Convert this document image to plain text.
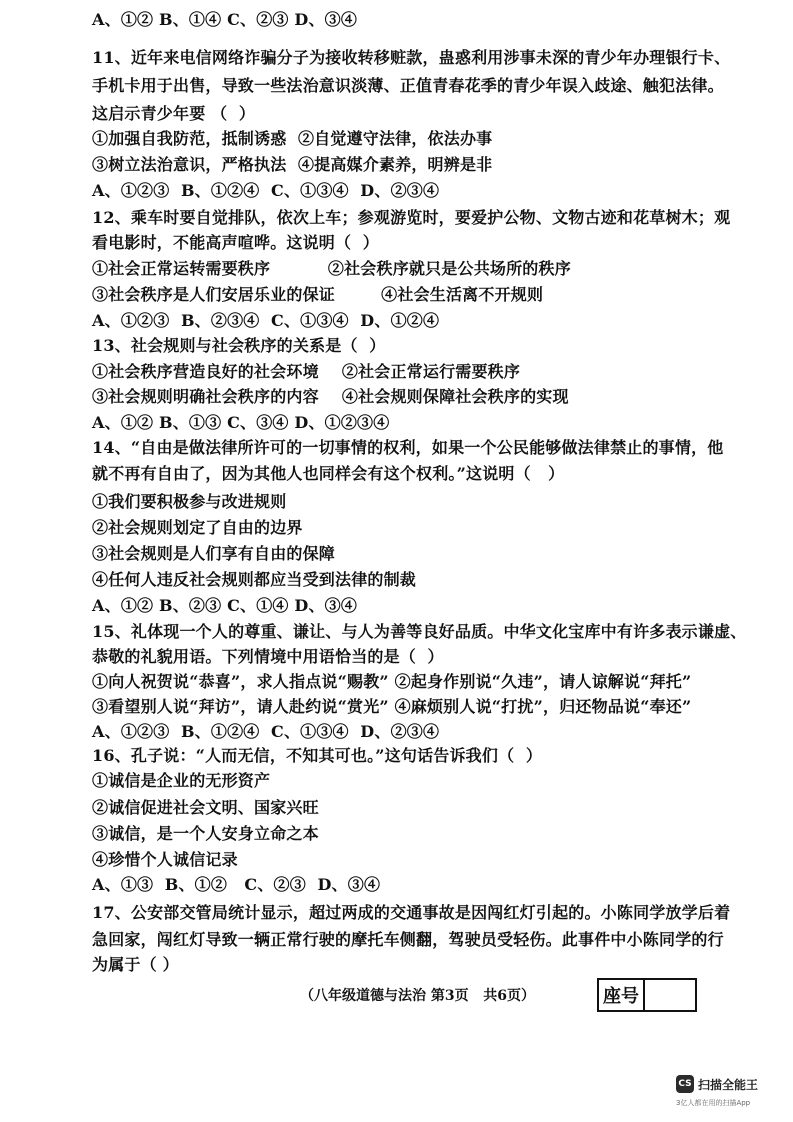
A、①② B、①④ C、②③ D、③④
11、近年来电信网络诈骗分子为接收转移赃款，蛊惑利用涉事未深的青少年办理银行卡、
手机卡用于出售，导致一些法治意识淡薄、正值青春花季的青少年误入歧途、触犯法律。
这启示青少年要 （  ）
①加强自我防范，抵制诱惑  ②自觉遵守法律，依法办事
③树立法治意识，严格执法  ④提高媒介素养，明辨是非
A、①②③  B、①②④  C、①③④  D、②③④
12、乘车时要自觉排队，依次上车；参观游览时，要爱护公物、文物古迹和花草树木；观
看电影时，不能高声喧哗。这说明（  ）
①社会正常运转需要秩序          ②社会秩序就只是公共场所的秩序
③社会秩序是人们安居乐业的保证        ④社会生活离不开规则
A、①②③  B、②③④  C、①③④  D、①②④
13、社会规则与社会秩序的关系是（  ）
①社会秩序营造良好的社会环境    ②社会正常运行需要秩序
③社会规则明确社会秩序的内容    ④社会规则保障社会秩序的实现
A、①② B、①③ C、③④ D、①②③④
14、“自由是做法律所许可的一切事情的权利，如果一个公民能够做法律禁止的事情，他
就不再有自由了，因为其他人也同样会有这个权利。”这说明（   ）
①我们要积极参与改进规则
②社会规则划定了自由的边界
③社会规则是人们享有自由的保障
④任何人违反社会规则都应当受到法律的制裁
A、①② B、②③ C、①④ D、③④
15、礼体现一个人的尊重、谦让、与人为善等良好品质。中华文化宝库中有许多表示谦虚、
恭敬的礼貌用语。下列情境中用语恰当的是（  ）
①向人祝贺说“恭喜”，求人指点说“赐教” ②起身作别说“久违”，请人谅解说“拜托”
③看望别人说“拜访”，请人赴约说“赏光” ④麻烦别人说“打扰”，归还物品说“奉还”
A、①②③  B、①②④  C、①③④  D、②③④
16、孔子说：“人而无信，不知其可也。”这句话告诉我们（  ）
①诚信是企业的无形资产
②诚信促进社会文明、国家兴旺
③诚信，是一个人安身立命之本
④珍惜个人诚信记录
A、①③  B、①②   C、②③  D、③④
17、公安部交管局统计显示，超过两成的交通事故是因闯红灯引起的。小陈同学放学后着
急回家，闯红灯导致一辆正常行驶的摩托车侧翻，驾驶员受轻伤。此事件中小陈同学的行
为属于（ ）
（八年级道德与法治 第3页   共6页）	座号
CS 扫描全能王
3亿人都在用的扫描App
